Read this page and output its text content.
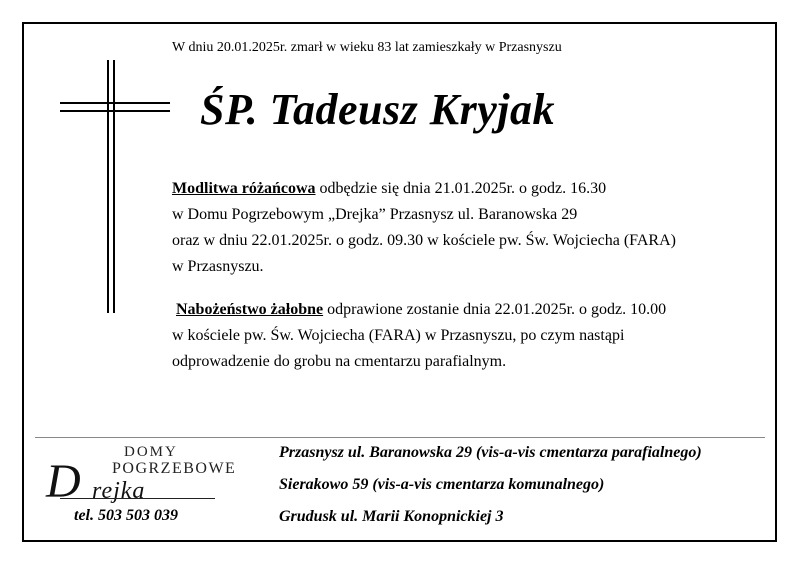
W dniu 20.01.2025r. zmarł w wieku 83 lat zamieszkały w Przasnyszu
ŚP. Tadeusz Kryjak
Modlitwa różańcowa odbędzie się dnia 21.01.2025r. o godz. 16.30
w Domu Pogrzebowym „Drejka” Przasnysz ul. Baranowska 29
oraz w dniu 22.01.2025r. o godz. 09.30 w kościele pw. Św. Wojciecha (FARA)
w Przasnyszu.
Nabożeństwo żałobne odprawione zostanie dnia 22.01.2025r. o godz. 10.00
w kościele pw. Św. Wojciecha (FARA) w Przasnyszu, po czym nastąpi
odprowadzenie do grobu na cmentarzu parafialnym.
DOMY
POGRZEBOWE
D rejka
tel. 503 503 039
Przasnysz ul. Baranowska 29 (vis-a-vis cmentarza parafialnego)
Sierakowo 59 (vis-a-vis cmentarza komunalnego)
Grudusk ul. Marii Konopnickiej 3
